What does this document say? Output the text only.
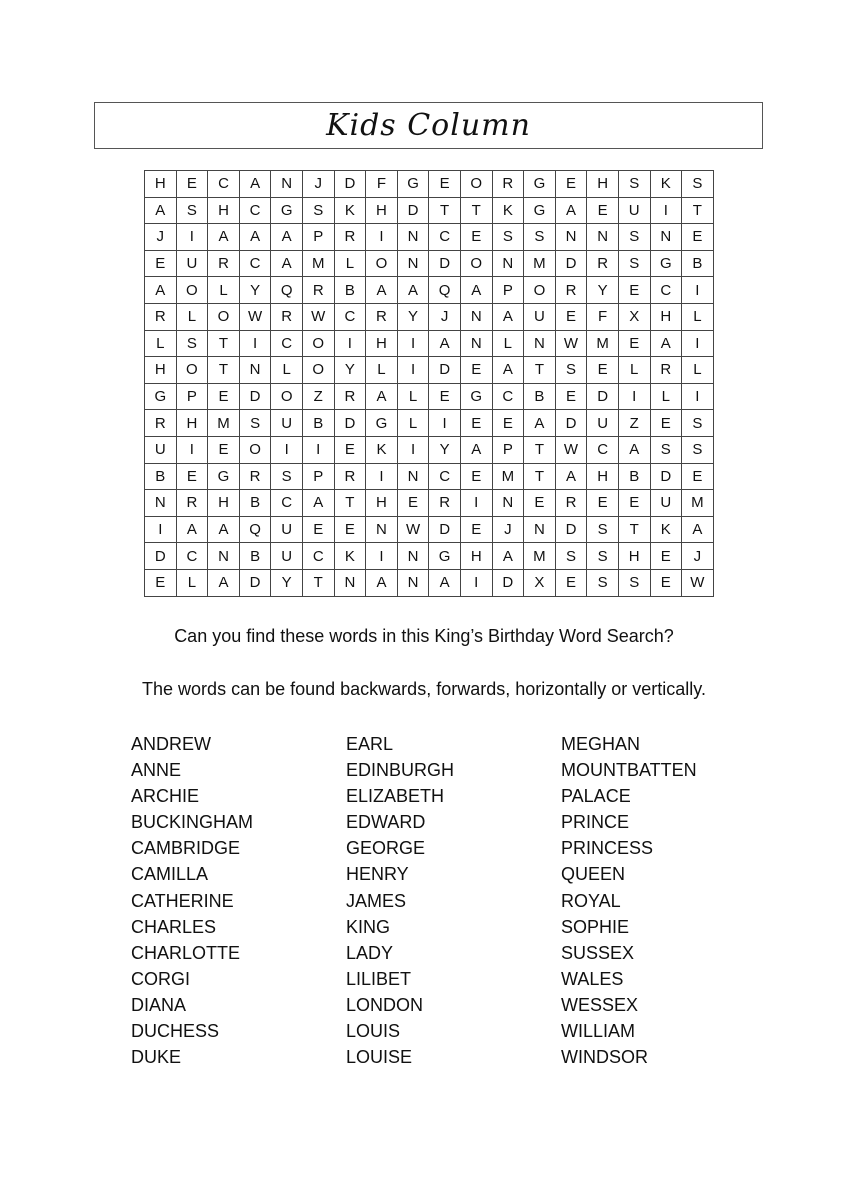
Kids Column
H	E	C	A	N	J	D	F	G	E	O	R	G	E	H	S	K	S
A	S	H	C	G	S	K	H	D	T	T	K	G	A	E	U	I	T
J	I	A	A	A	P	R	I	N	C	E	S	S	N	N	S	N	E
E	U	R	C	A	M	L	O	N	D	O	N	M	D	R	S	G	B
A	O	L	Y	Q	R	B	A	A	Q	A	P	O	R	Y	E	C	I
R	L	O	W	R	W	C	R	Y	J	N	A	U	E	F	X	H	L
L	S	T	I	C	O	I	H	I	A	N	L	N	W	M	E	A	I
H	O	T	N	L	O	Y	L	I	D	E	A	T	S	E	L	R	L
G	P	E	D	O	Z	R	A	L	E	G	C	B	E	D	I	L	I
R	H	M	S	U	B	D	G	L	I	E	E	A	D	U	Z	E	S
U	I	E	O	I	I	E	K	I	Y	A	P	T	W	C	A	S	S
B	E	G	R	S	P	R	I	N	C	E	M	T	A	H	B	D	E
N	R	H	B	C	A	T	H	E	R	I	N	E	R	E	E	U	M
I	A	A	Q	U	E	E	N	W	D	E	J	N	D	S	T	K	A
D	C	N	B	U	C	K	I	N	G	H	A	M	S	S	H	E	J
E	L	A	D	Y	T	N	A	N	A	I	D	X	E	S	S	E	W
Can you find these words in this King’s Birthday Word Search?
The words can be found backwards, forwards, horizontally or vertically.
ANDREW
ANNE
ARCHIE
BUCKINGHAM
CAMBRIDGE
CAMILLA
CATHERINE
CHARLES
CHARLOTTE
CORGI
DIANA
DUCHESS
DUKE
EARL
EDINBURGH
ELIZABETH
EDWARD
GEORGE
HENRY
JAMES
KING
LADY
LILIBET
LONDON
LOUIS
LOUISE
MEGHAN
MOUNTBATTEN
PALACE
PRINCE
PRINCESS
QUEEN
ROYAL
SOPHIE
SUSSEX
WALES
WESSEX
WILLIAM
WINDSOR
